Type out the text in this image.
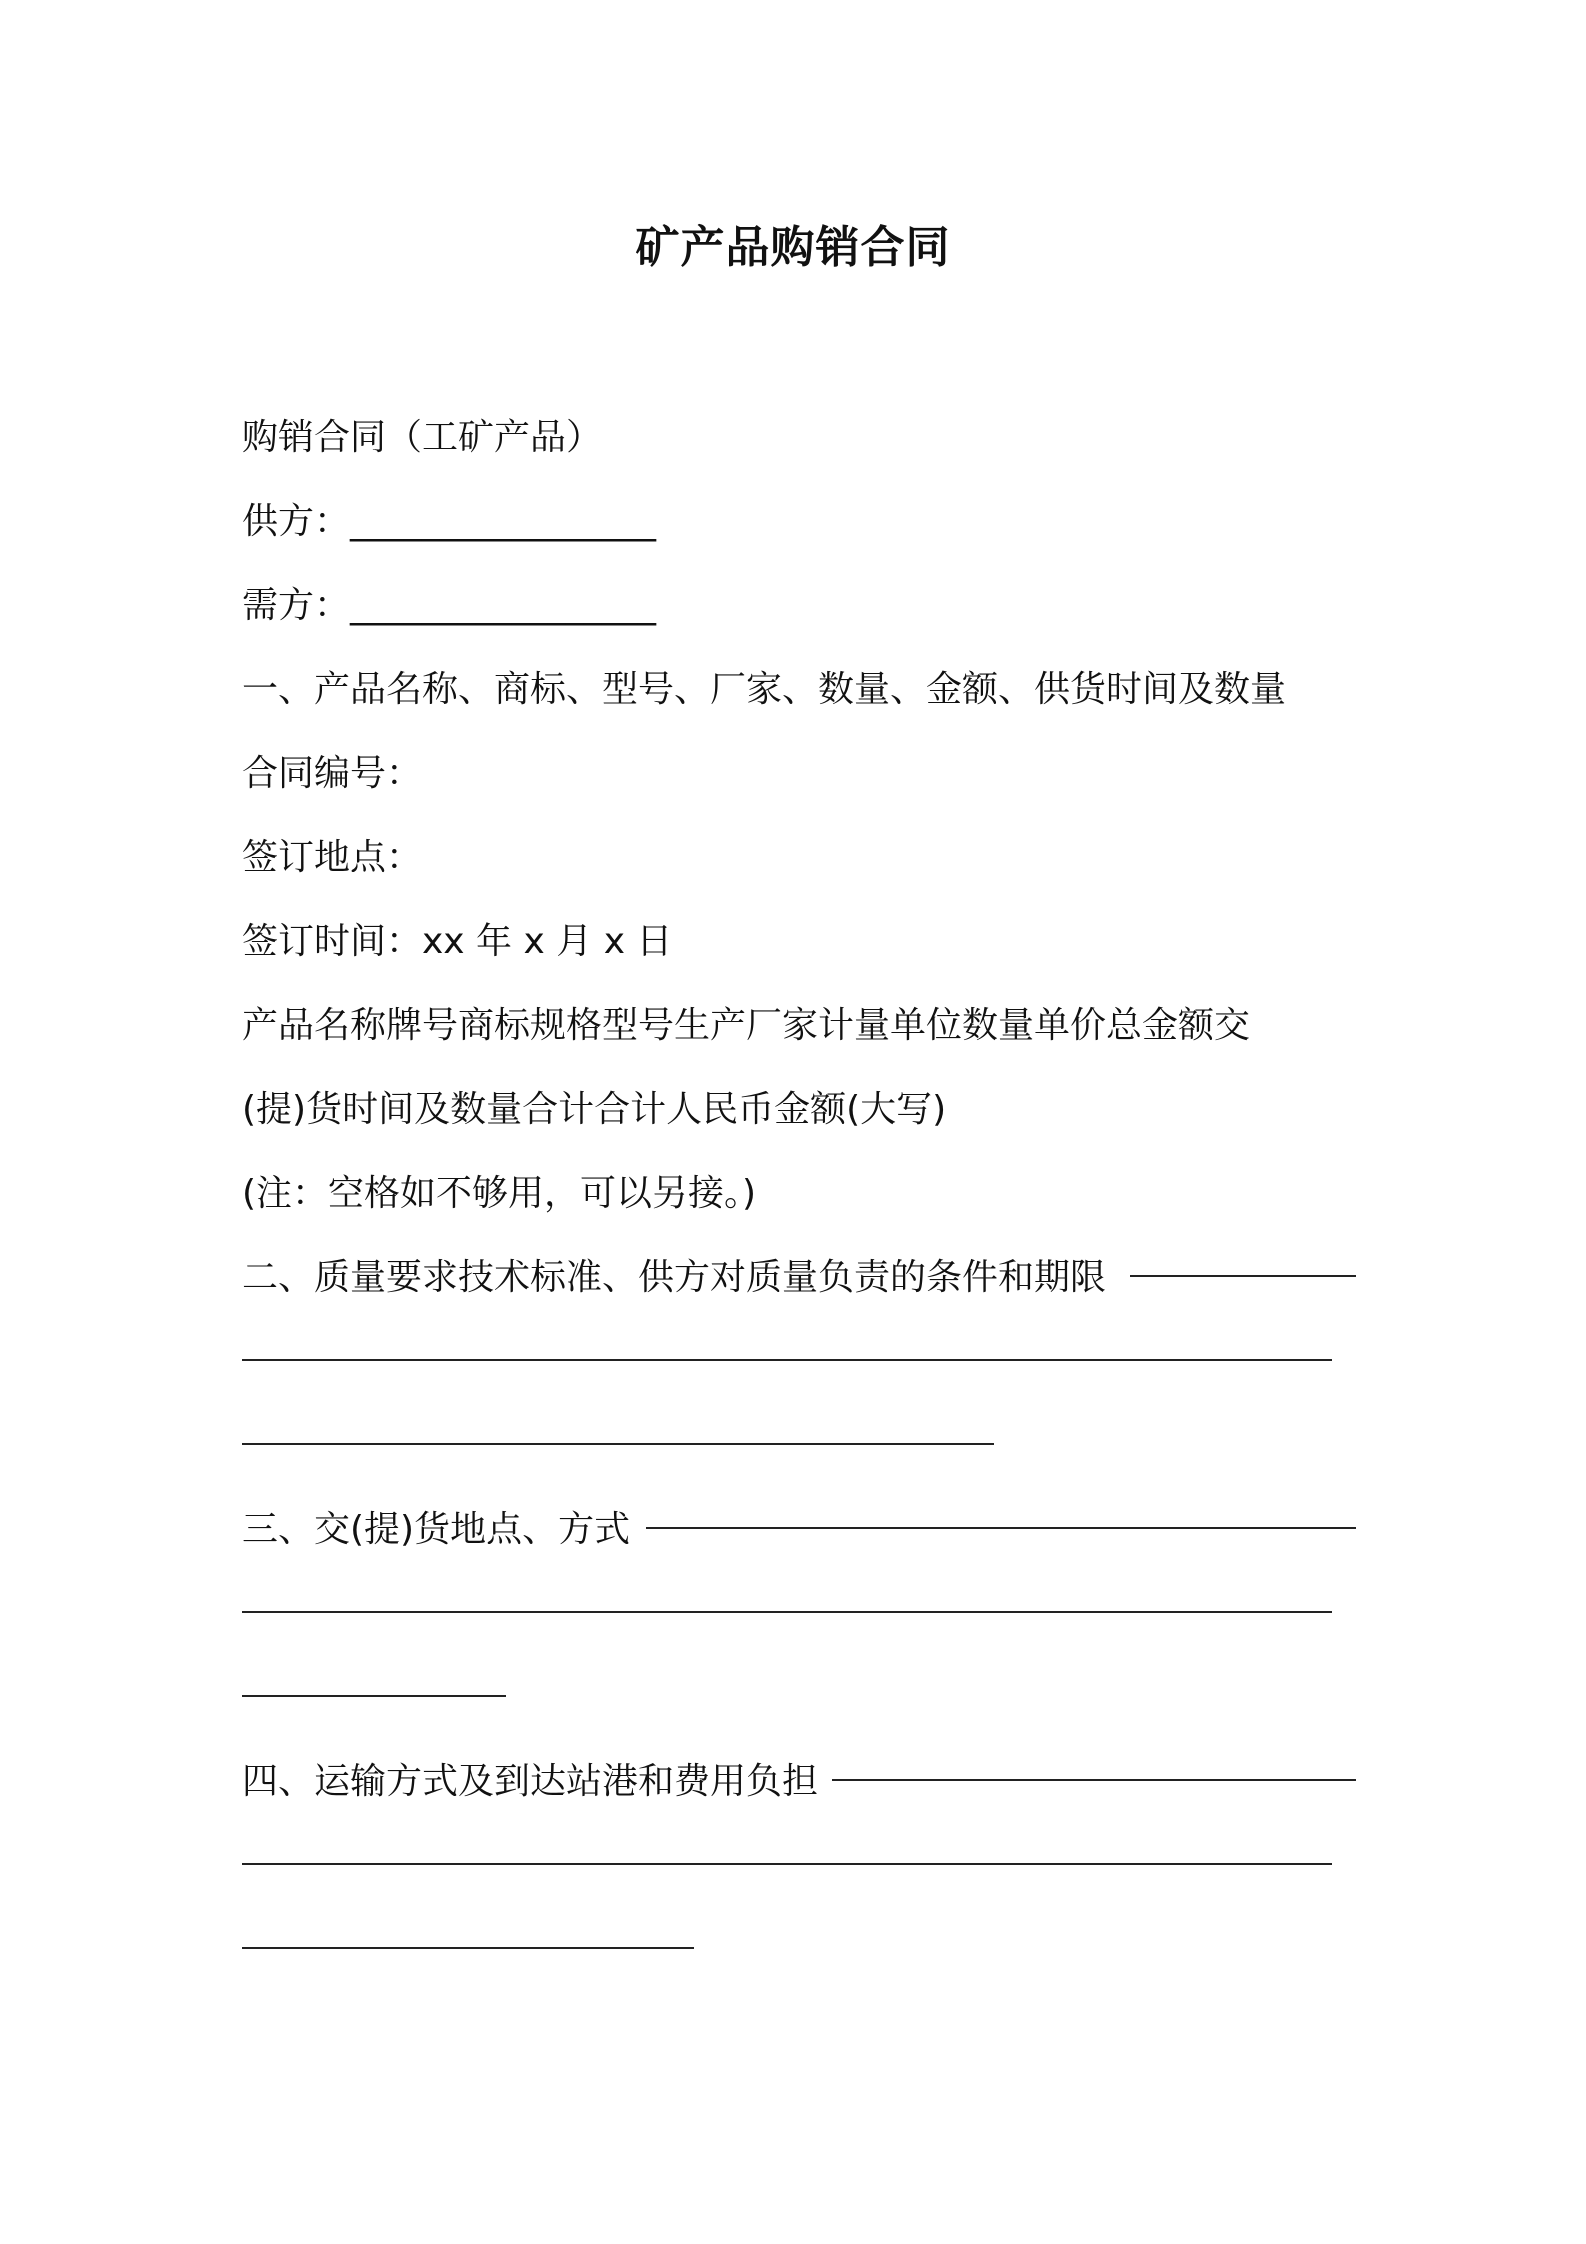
矿产品购销合同
购销合同（工矿产品）
供方：_________________
需方：_________________
一、产品名称、商标、型号、厂家、数量、金额、供货时间及数量
合同编号：
签订地点：
签订时间：xx 年 x 月 x 日
产品名称牌号商标规格型号生产厂家计量单位数量单价总金额交
(提)货时间及数量合计合计人民币金额(大写)
(注：空格如不够用，可以另接。)
二、质量要求技术标准、供方对质量负责的条件和期限
三、交(提)货地点、方式
四、运输方式及到达站港和费用负担
